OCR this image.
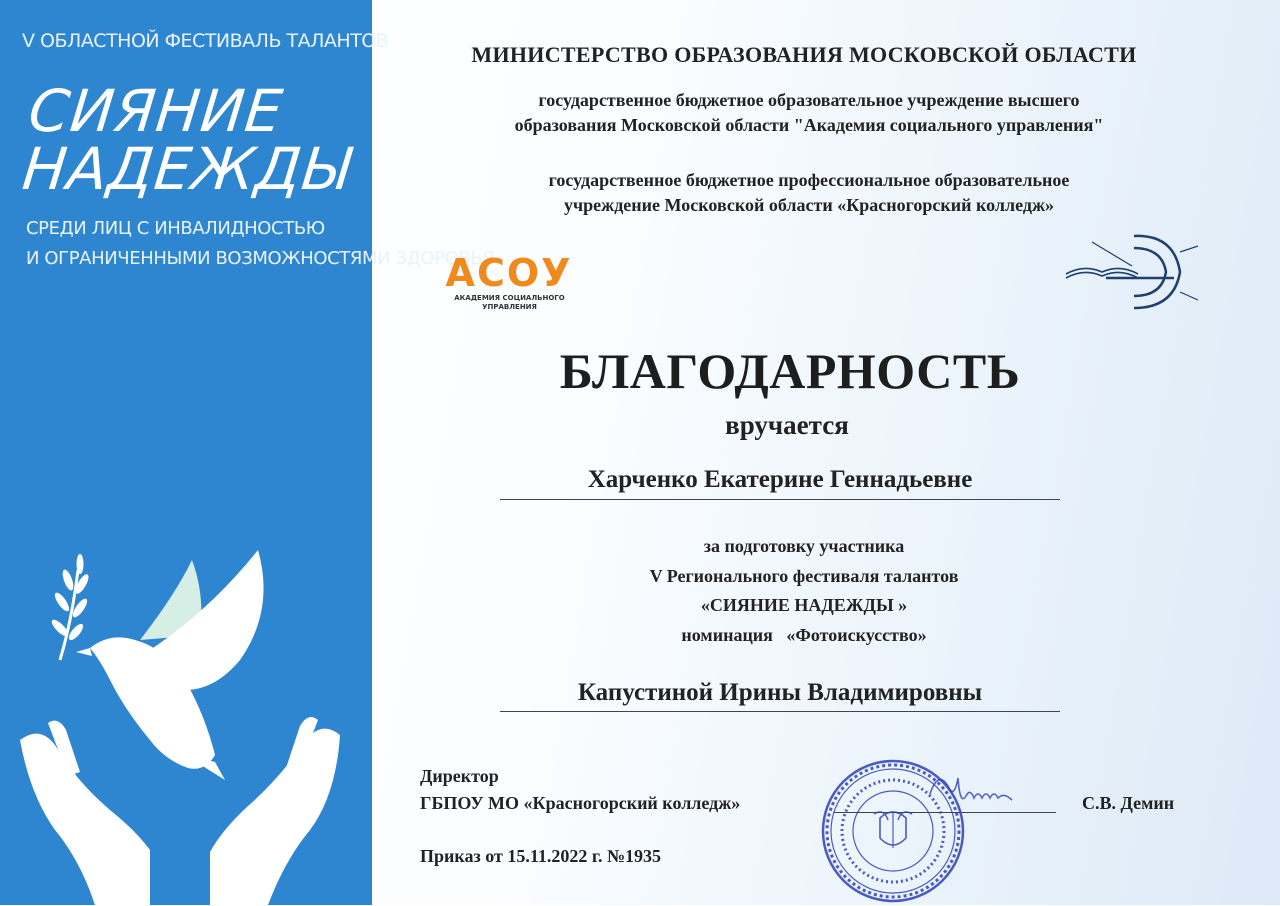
V ОБЛАСТНОЙ ФЕСТИВАЛЬ ТАЛАНТОВ
СИЯНИЕ
НАДЕЖДЫ
СРЕДИ ЛИЦ С ИНВАЛИДНОСТЬЮ
И ОГРАНИЧЕННЫМИ ВОЗМОЖНОСТЯМИ ЗДОРОВЬЯ
МИНИСТЕРСТВО ОБРАЗОВАНИЯ МОСКОВСКОЙ ОБЛАСТИ
государственное бюджетное образовательное учреждение высшего
образования Московской области "Академия социального управления"
государственное бюджетное профессиональное образовательное
учреждение Московской области «Красногорский колледж»
АСОУ
АКАДЕМИЯ СОЦИАЛЬНОГО
УПРАВЛЕНИЯ
БЛАГОДАРНОСТЬ
вручается
Харченко Екатерине Геннадьевне
за подготовку участника
V Регионального фестиваля талантов
«СИЯНИЕ НАДЕЖДЫ »
номинация   «Фотоискусство»
Капустиной Ирины Владимировны
Директор
ГБПОУ МО «Красногорский колледж»	С.В. Демин
Приказ от 15.11.2022 г. №1935
